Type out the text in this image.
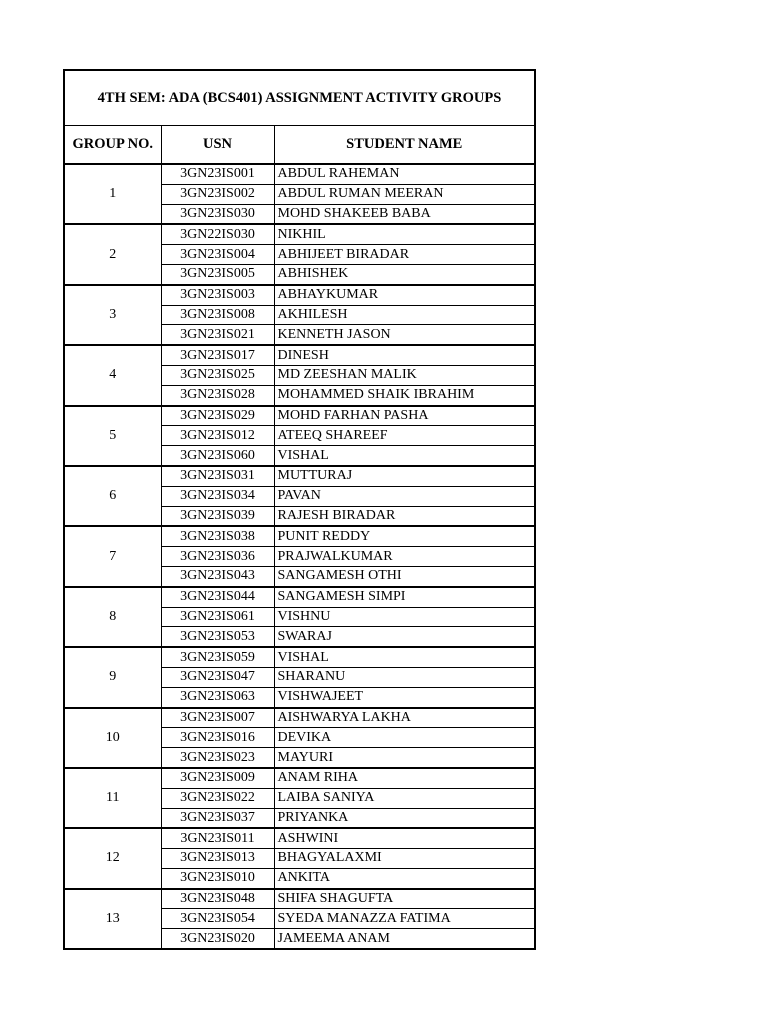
4TH SEM: ADA (BCS401) ASSIGNMENT ACTIVITY GROUPS		
GROUP NO.	USN	STUDENT NAME
1	3GN23IS001	ABDUL RAHEMAN
	3GN23IS002	ABDUL RUMAN MEERAN
	3GN23IS030	MOHD SHAKEEB BABA
2	3GN22IS030	NIKHIL
	3GN23IS004	ABHIJEET BIRADAR
	3GN23IS005	ABHISHEK
3	3GN23IS003	ABHAYKUMAR
	3GN23IS008	AKHILESH
	3GN23IS021	KENNETH JASON
4	3GN23IS017	DINESH
	3GN23IS025	MD ZEESHAN MALIK
	3GN23IS028	MOHAMMED SHAIK IBRAHIM
5	3GN23IS029	MOHD FARHAN PASHA
	3GN23IS012	ATEEQ SHAREEF
	3GN23IS060	VISHAL
6	3GN23IS031	MUTTURAJ
	3GN23IS034	PAVAN
	3GN23IS039	RAJESH BIRADAR
7	3GN23IS038	PUNIT REDDY
	3GN23IS036	PRAJWALKUMAR
	3GN23IS043	SANGAMESH OTHI
8	3GN23IS044	SANGAMESH SIMPI
	3GN23IS061	VISHNU
	3GN23IS053	SWARAJ
9	3GN23IS059	VISHAL
	3GN23IS047	SHARANU
	3GN23IS063	VISHWAJEET
10	3GN23IS007	AISHWARYA LAKHA
	3GN23IS016	DEVIKA
	3GN23IS023	MAYURI
11	3GN23IS009	ANAM RIHA
	3GN23IS022	LAIBA SANIYA
	3GN23IS037	PRIYANKA
12	3GN23IS011	ASHWINI
	3GN23IS013	BHAGYALAXMI
	3GN23IS010	ANKITA
13	3GN23IS048	SHIFA SHAGUFTA
	3GN23IS054	SYEDA MANAZZA FATIMA
	3GN23IS020	JAMEEMA ANAM
